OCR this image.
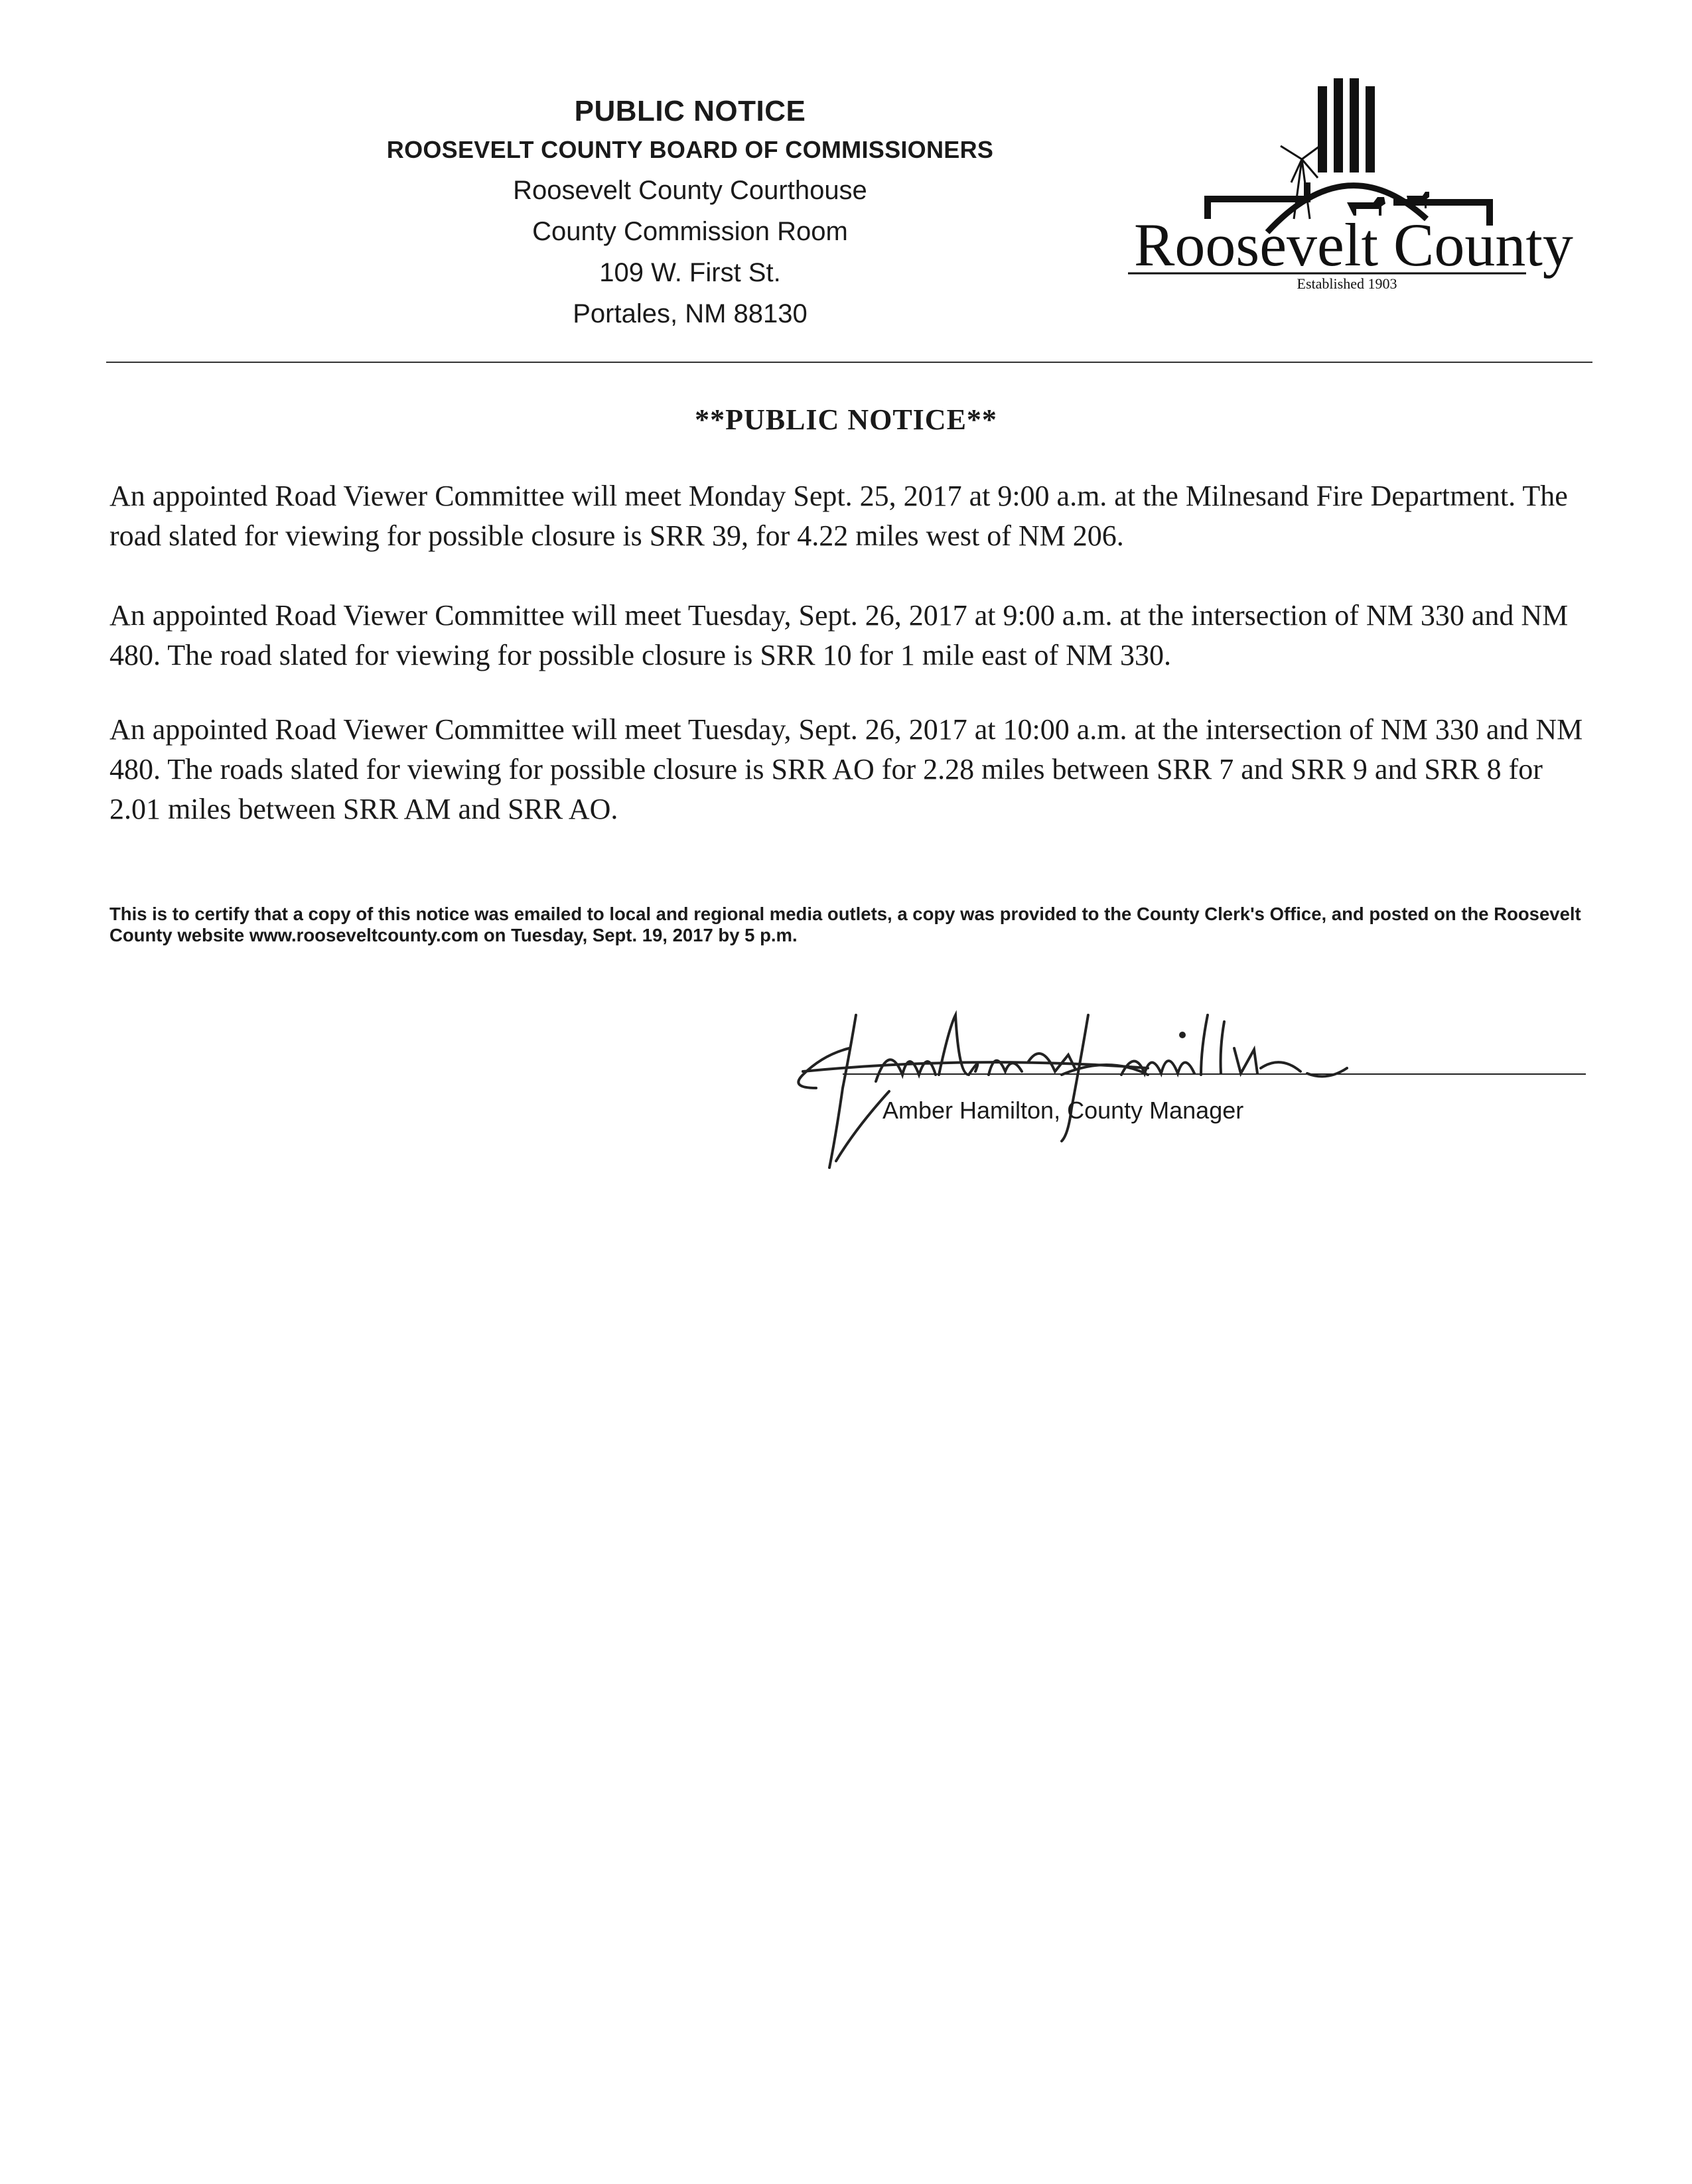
PUBLIC NOTICE
ROOSEVELT COUNTY BOARD OF COMMISSIONERS
Roosevelt County Courthouse
County Commission Room
109 W. First St.
Portales, NM 88130
Roosevelt County
Established 1903
**PUBLIC NOTICE**

An appointed Road Viewer Committee will meet Monday Sept. 25, 2017 at 9:00 a.m. at the Milnesand Fire Department. The road slated for viewing for possible closure is SRR 39, for 4.22 miles west of NM 206.

An appointed Road Viewer Committee will meet Tuesday, Sept. 26, 2017 at 9:00 a.m. at the intersection of NM 330 and NM 480. The road slated for viewing for possible closure is SRR 10 for 1 mile east of NM 330.

An appointed Road Viewer Committee will meet Tuesday, Sept. 26, 2017 at 10:00 a.m. at the intersection of NM 330 and NM 480. The roads slated for viewing for possible closure is SRR AO for 2.28 miles between SRR 7 and SRR 9 and SRR 8 for 2.01 miles between SRR AM and SRR AO.

This is to certify that a copy of this notice was emailed to local and regional media outlets, a copy was provided to the County Clerk's Office, and posted on the Roosevelt County website www.rooseveltcounty.com on Tuesday, Sept. 19, 2017 by 5 p.m.
Amber Hamilton, County Manager
